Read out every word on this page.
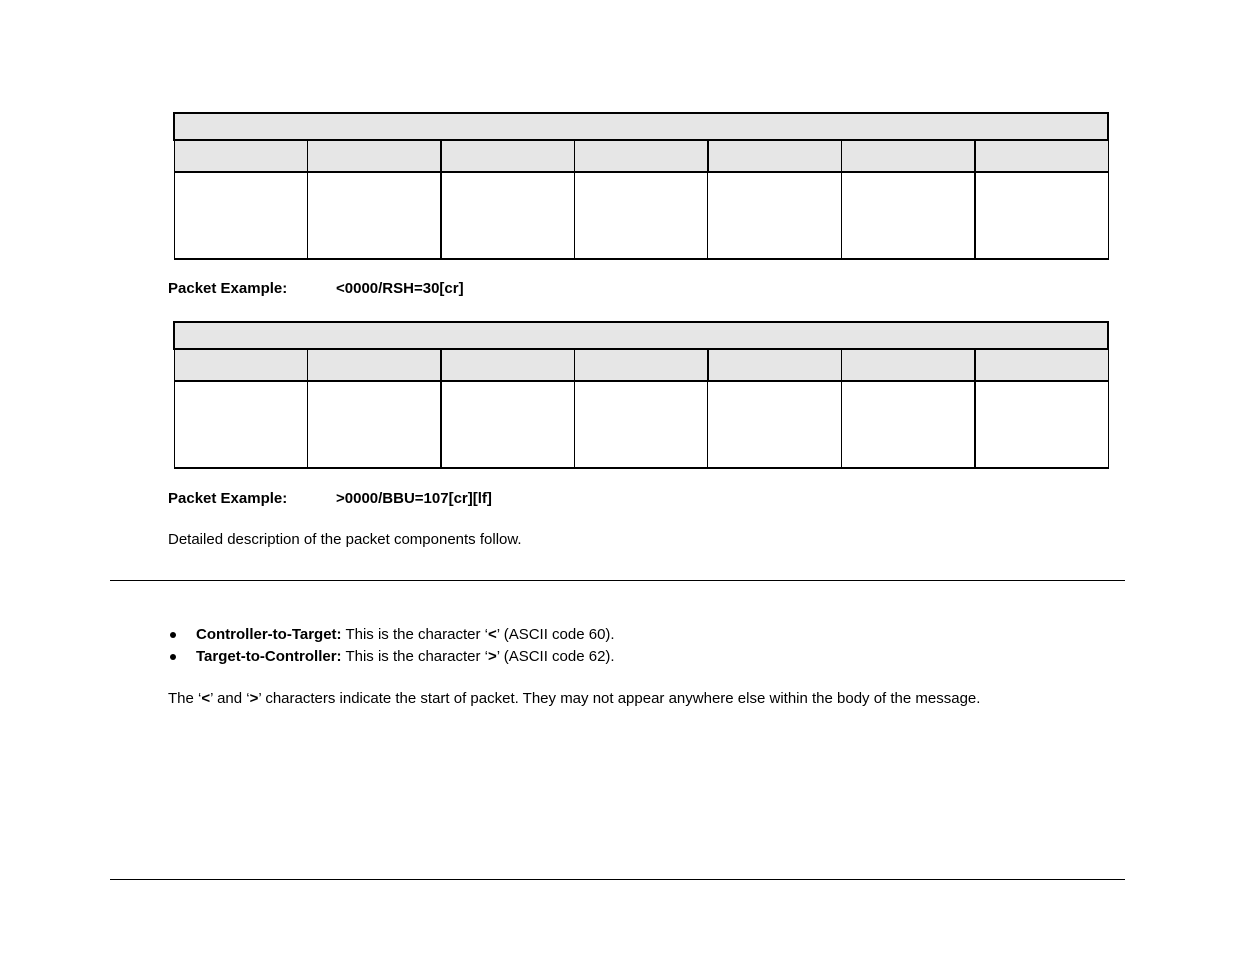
Packet Example:	<0000/RSH=30[cr]

Packet Example:	>0000/BBU=107[cr][lf]
Detailed description of the packet components follow.
Controller-to-Target: This is the character ‘<’ (ASCII code 60).
Target-to-Controller: This is the character ‘>’ (ASCII code 62).
The ‘<’ and ‘>’ characters indicate the start of packet. They may not appear anywhere else within the body of the message.
